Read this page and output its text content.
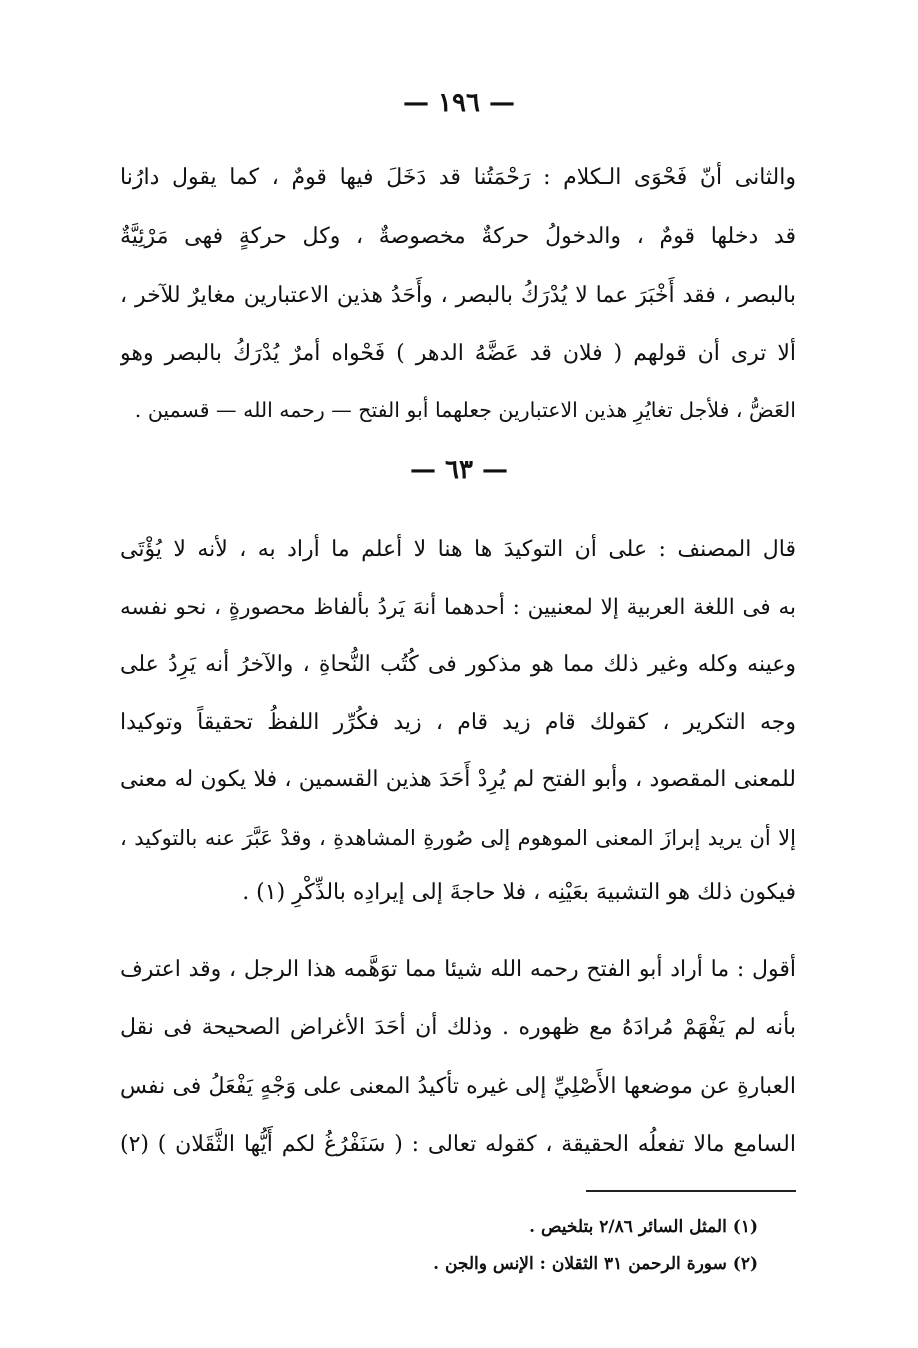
— ١٩٦ —
والثانى أنّ فَحْوَى الـكلام : رَحْمَتُنا قد دَخَلَ فيها قومٌ ، كما يقول دارُنا
قد دخلها قومٌ ، والدخولُ حركةٌ مخصوصةٌ ، وكل حركةٍ فهى مَرْئِيَّةٌ
بالبصر ، فقد أَخْبَرَ عما لا يُدْرَكُ بالبصر ، وأَحَدُ هذين الاعتبارين مغايرٌ للآخر ،
ألا ترى أن قولهم ( فلان قد عَضَّهُ الدهر ) فَحْواه أمرٌ يُدْرَكُ بالبصر وهو
العَضُّ ، فلأجل تغايُرِ هذين الاعتبارين جعلهما أبو الفتح — رحمه الله — قسمين .
— ٦٣ —
قال المصنف : على أن التوكيدَ ها هنا لا أعلم ما أراد به ، لأنه لا يُؤْتَى
به فى اللغة العربية إلا لمعنيين : أحدهما أنهَ يَردُ بألفاظ محصورةٍ ، نحو نفسه
وعينه وكله وغير ذلك مما هو مذكور فى كُتُب النُّحاةِ ، والآخرُ أنه يَرِدُ على
وجه التكرير ، كقولك قام زيد قام ، زيد فكُرِّر اللفظُ تحقيقاً وتوكيدا
للمعنى المقصود ، وأبو الفتح لم يُرِدْ أَحَدَ هذين القسمين ، فلا يكون له معنى
إلا أن يريد إبرازَ المعنى الموهوم إلى صُورةِ المشاهدةِ ، وقدْ عَبَّرَ عنه بالتوكيد ،
فيكون ذلك هو التشبيهَ بعَيْنِه ، فلا حاجةَ إلى إيرادِه بالذِّكْرِ (١) .
أقول : ما أراد أبو الفتح رحمه الله شيئا مما توَهَّمه هذا الرجل ، وقد اعترف
بأنه لم يَفْهَمْ مُرادَهُ مع ظهوره . وذلك أن أحَدَ الأغراض الصحيحة فى نقل
العبارةِ عن موضعها الأَصْلِيِّ إلى غيره تأكيدُ المعنى على وَجْهٍ يَفْعَلُ فى نفس
السامع مالا تفعلُه الحقيقة ، كقوله تعالى : ( سَنَفْرُغُ لكم أَيُّها الثَّقَلان ) (٢)
(١) المثل السائر ٢/٨٦ بتلخيص .
(٢) سورة الرحمن ٣١ الثقلان : الإنس والجن .
